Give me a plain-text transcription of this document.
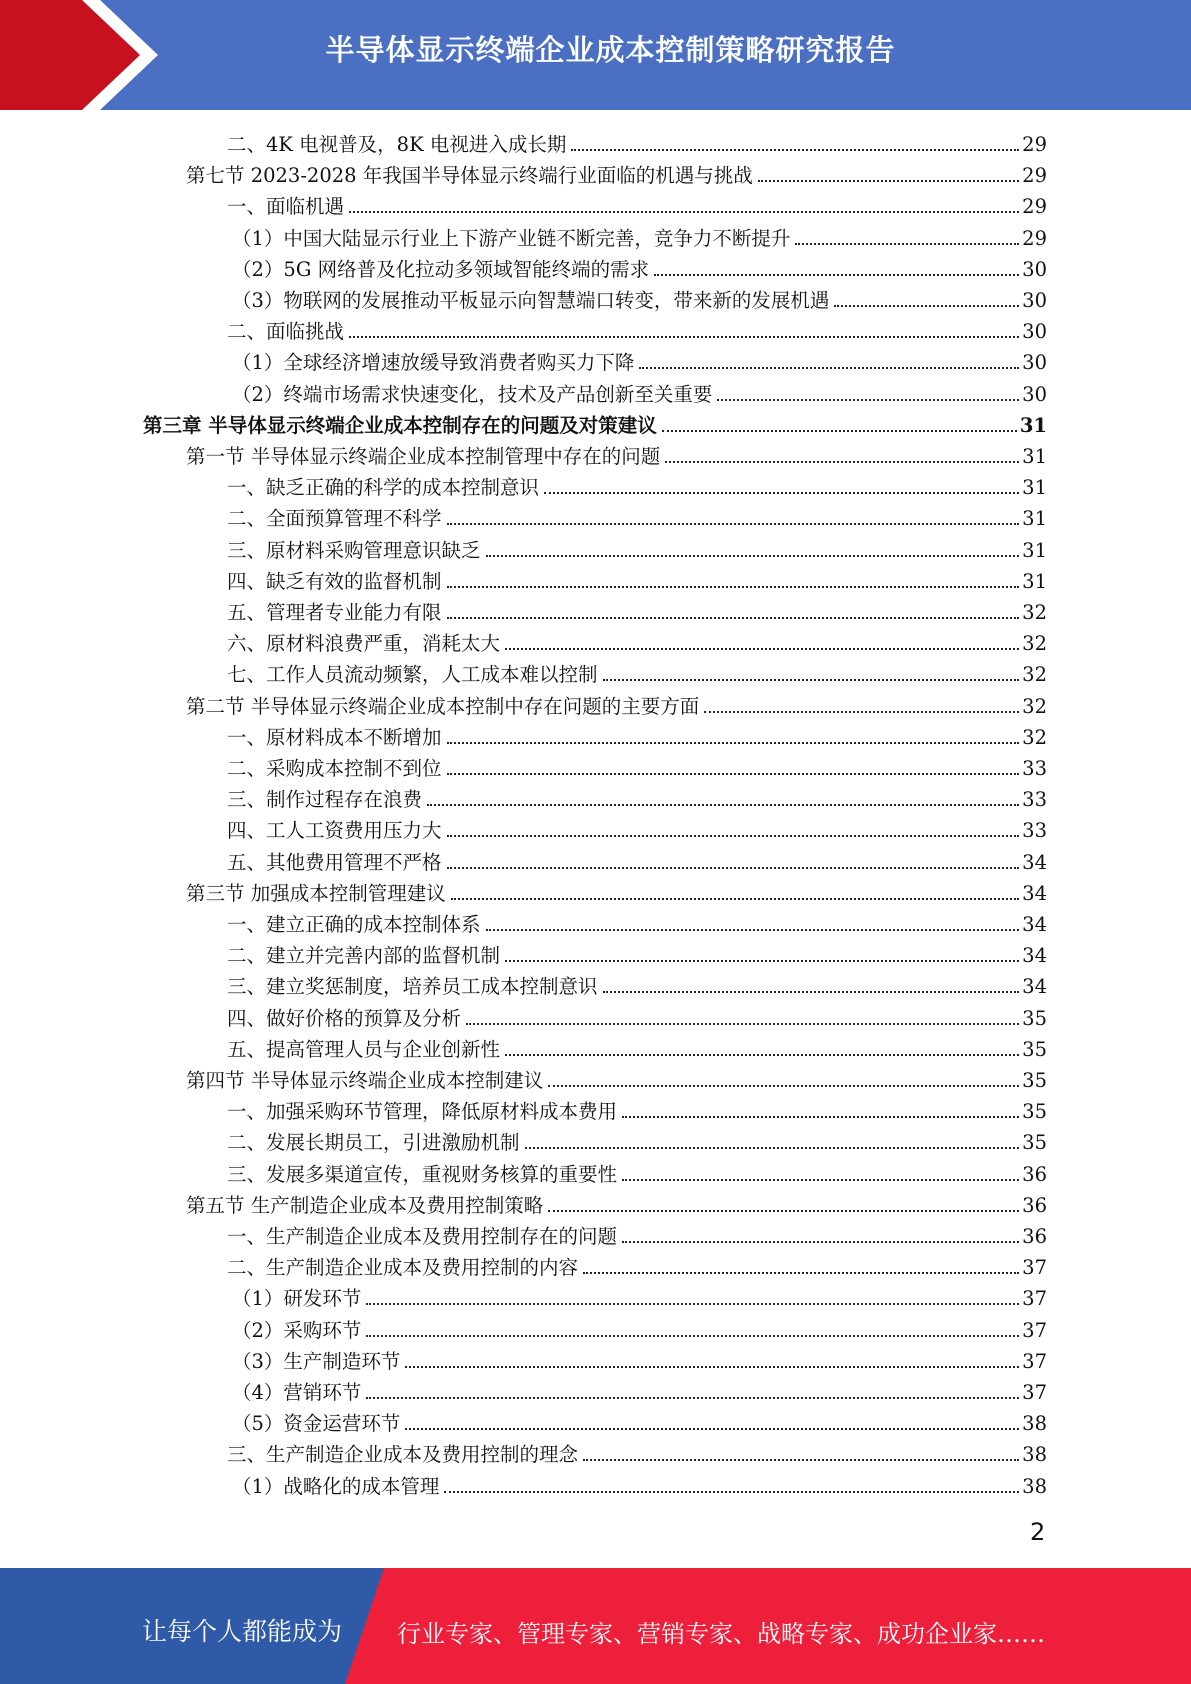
半导体显示终端企业成本控制策略研究报告
二、4K 电视普及，8K 电视进入成长期	29
第七节 2023-2028 年我国半导体显示终端行业面临的机遇与挑战	29
一、面临机遇	29
（1）中国大陆显示行业上下游产业链不断完善，竞争力不断提升	29
（2）5G 网络普及化拉动多领域智能终端的需求	30
（3）物联网的发展推动平板显示向智慧端口转变，带来新的发展机遇	30
二、面临挑战	30
（1）全球经济增速放缓导致消费者购买力下降	30
（2）终端市场需求快速变化，技术及产品创新至关重要	30
第三章 半导体显示终端企业成本控制存在的问题及对策建议	31
第一节 半导体显示终端企业成本控制管理中存在的问题	31
一、缺乏正确的科学的成本控制意识	31
二、全面预算管理不科学	31
三、原材料采购管理意识缺乏	31
四、缺乏有效的监督机制	31
五、管理者专业能力有限	32
六、原材料浪费严重，消耗太大	32
七、工作人员流动频繁，人工成本难以控制	32
第二节 半导体显示终端企业成本控制中存在问题的主要方面	32
一、原材料成本不断增加	32
二、采购成本控制不到位	33
三、制作过程存在浪费	33
四、工人工资费用压力大	33
五、其他费用管理不严格	34
第三节 加强成本控制管理建议	34
一、建立正确的成本控制体系	34
二、建立并完善内部的监督机制	34
三、建立奖惩制度，培养员工成本控制意识	34
四、做好价格的预算及分析	35
五、提高管理人员与企业创新性	35
第四节 半导体显示终端企业成本控制建议	35
一、加强采购环节管理，降低原材料成本费用	35
二、发展长期员工，引进激励机制	35
三、发展多渠道宣传，重视财务核算的重要性	36
第五节 生产制造企业成本及费用控制策略	36
一、生产制造企业成本及费用控制存在的问题	36
二、生产制造企业成本及费用控制的内容	37
（1）研发环节	37
（2）采购环节	37
（3）生产制造环节	37
（4）营销环节	37
（5）资金运营环节	38
三、生产制造企业成本及费用控制的理念	38
（1）战略化的成本管理	38
2
让每个人都能成为 行业专家、管理专家、营销专家、战略专家、成功企业家……
